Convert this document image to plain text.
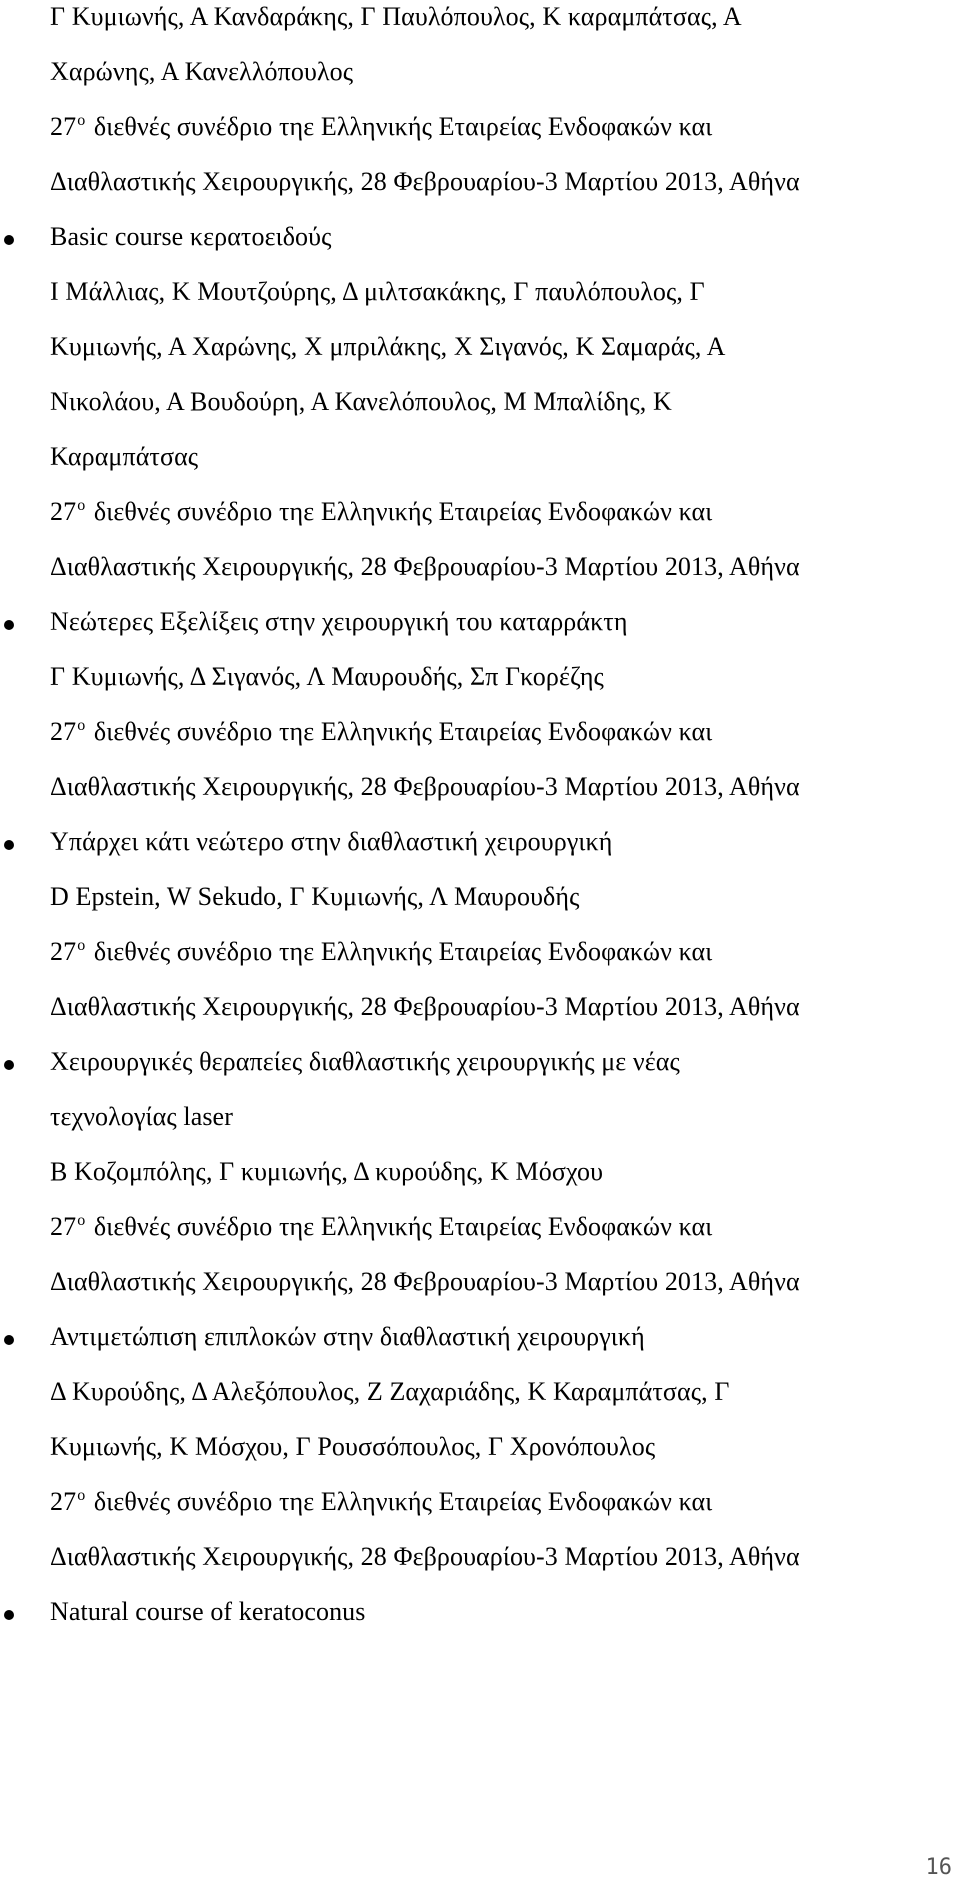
Γ Κυμιωνής, Α Κανδαράκης, Γ Παυλόπουλος, Κ καραμπάτσας, Α
Χαρώνης, Α Κανελλόπουλος
$27^o$ διεθνές συνέδριο τηε Ελληνικής Εταιρείας Ενδοφακών και
Διαθλαστικής Χειρουργικής, 28 Φεβρουαρίου-3 Μαρτίου 2013, Αθήνα
Basic course κερατοειδούς
Ι Μάλλιας, Κ Μουτζούρης, Δ μιλτσακάκης, Γ παυλόπουλος, Γ
Κυμιωνής, Α Χαρώνης, Χ μπριλάκης, Χ Σιγανός, Κ Σαμαράς, Α
Νικολάου, Α Βουδούρη, Α Κανελόπουλος, Μ Μπαλίδης, Κ
Καραμπάτσας
$27^o$ διεθνές συνέδριο τηε Ελληνικής Εταιρείας Ενδοφακών και
Διαθλαστικής Χειρουργικής, 28 Φεβρουαρίου-3 Μαρτίου 2013, Αθήνα
Νεώτερες Εξελίξεις στην χειρουργική του καταρράκτη
Γ Κυμιωνής, Δ Σιγανός, Λ Μαυρουδής, Σπ Γκορέζης
$27^o$ διεθνές συνέδριο τηε Ελληνικής Εταιρείας Ενδοφακών και
Διαθλαστικής Χειρουργικής, 28 Φεβρουαρίου-3 Μαρτίου 2013, Αθήνα
Υπάρχει κάτι νεώτερο στην διαθλαστική χειρουργική
D Epstein, W Sekudo, Γ Κυμιωνής, Λ Μαυρουδής
$27^o$ διεθνές συνέδριο τηε Ελληνικής Εταιρείας Ενδοφακών και
Διαθλαστικής Χειρουργικής, 28 Φεβρουαρίου-3 Μαρτίου 2013, Αθήνα
Χειρουργικές θεραπείες διαθλαστικής χειρουργικής με νέας
τεχνολογίας laser
Β Κοζομπόλης, Γ κυμιωνής, Δ κυρούδης, Κ Μόσχου
$27^o$ διεθνές συνέδριο τηε Ελληνικής Εταιρείας Ενδοφακών και
Διαθλαστικής Χειρουργικής, 28 Φεβρουαρίου-3 Μαρτίου 2013, Αθήνα
Αντιμετώπιση επιπλοκών στην διαθλαστική χειρουργική
Δ Κυρούδης, Δ Αλεξόπουλος, Ζ Ζαχαριάδης, Κ Καραμπάτσας, Γ
Κυμιωνής, Κ Μόσχου, Γ Ρουσσόπουλος, Γ Χρονόπουλος
$27^o$ διεθνές συνέδριο τηε Ελληνικής Εταιρείας Ενδοφακών και
Διαθλαστικής Χειρουργικής, 28 Φεβρουαρίου-3 Μαρτίου 2013, Αθήνα
Natural course of keratoconus
16
